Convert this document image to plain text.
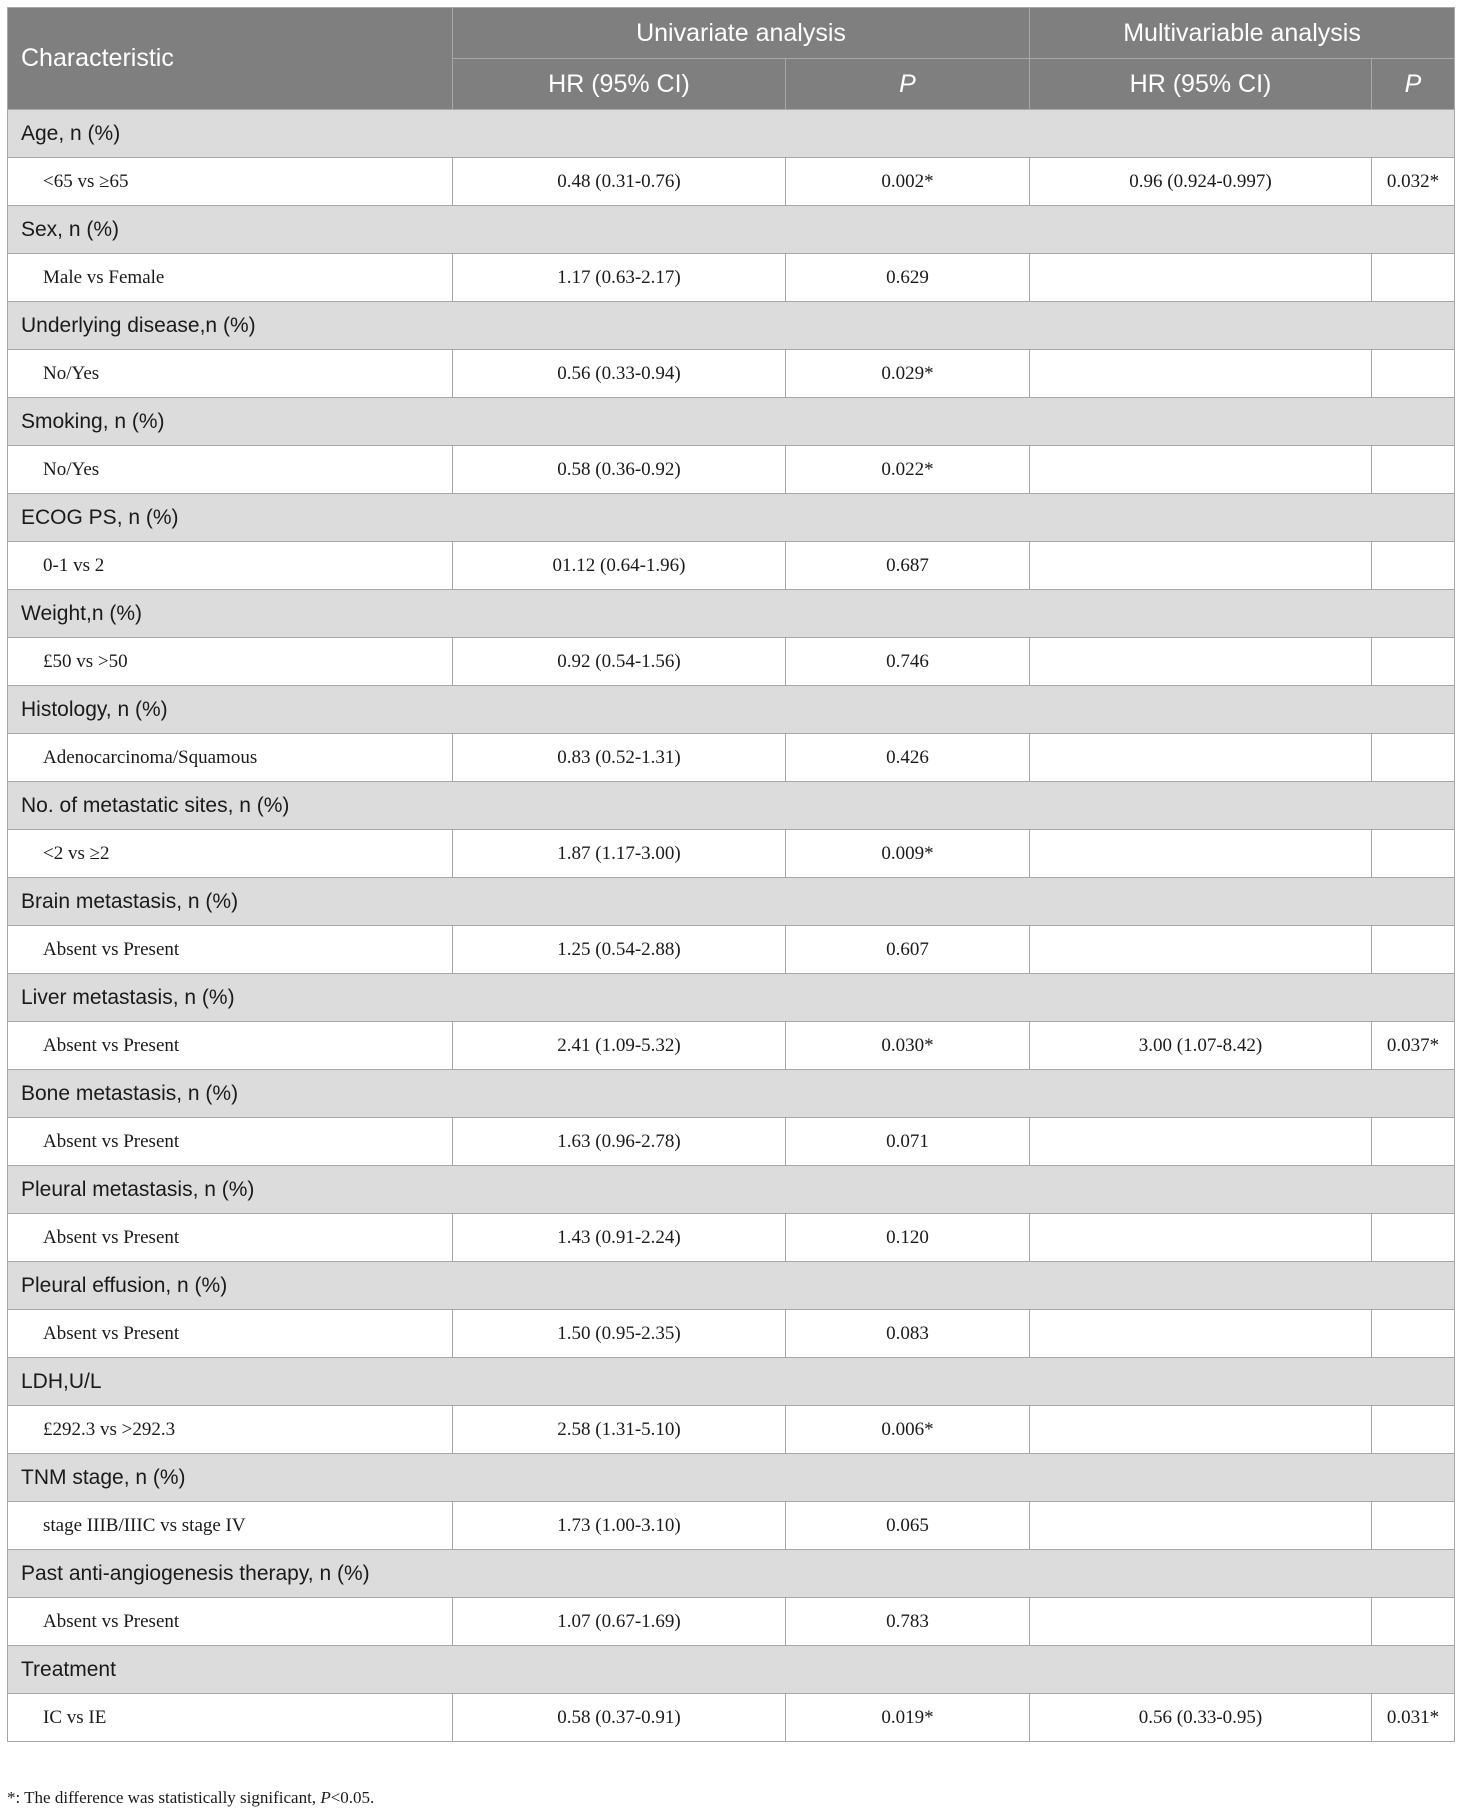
Characteristic	Univariate analysis		Multivariable analysis	
	HR (95% CI)	P	HR (95% CI)	P
Age, n (%)				
<65 vs ≥65	0.48 (0.31-0.76)	0.002*	0.96 (0.924-0.997)	0.032*
Sex, n (%)				
Male vs Female	1.17 (0.63-2.17)	0.629		
Underlying disease,n (%)				
No/Yes	0.56 (0.33-0.94)	0.029*		
Smoking, n (%)				
No/Yes	0.58 (0.36-0.92)	0.022*		
ECOG PS, n (%)				
0-1 vs 2	01.12 (0.64-1.96)	0.687		
Weight,n (%)				
£50 vs >50	0.92 (0.54-1.56)	0.746		
Histology, n (%)				
Adenocarcinoma/Squamous	0.83 (0.52-1.31)	0.426		
No. of metastatic sites, n (%)				
<2 vs ≥2	1.87 (1.17-3.00)	0.009*		
Brain metastasis, n (%)				
Absent vs Present	1.25 (0.54-2.88)	0.607		
Liver metastasis, n (%)				
Absent vs Present	2.41 (1.09-5.32)	0.030*	3.00 (1.07-8.42)	0.037*
Bone metastasis, n (%)				
Absent vs Present	1.63 (0.96-2.78)	0.071		
Pleural metastasis, n (%)				
Absent vs Present	1.43 (0.91-2.24)	0.120		
Pleural effusion, n (%)				
Absent vs Present	1.50 (0.95-2.35)	0.083		
LDH,U/L				
£292.3 vs >292.3	2.58 (1.31-5.10)	0.006*		
TNM stage, n (%)				
stage IIIB/IIIC vs stage IV	1.73 (1.00-3.10)	0.065		
Past anti-angiogenesis therapy, n (%)				
Absent vs Present	1.07 (0.67-1.69)	0.783		
Treatment				
IC vs IE	0.58 (0.37-0.91)	0.019*	0.56 (0.33-0.95)	0.031*
*: The difference was statistically significant, P<0.05.
